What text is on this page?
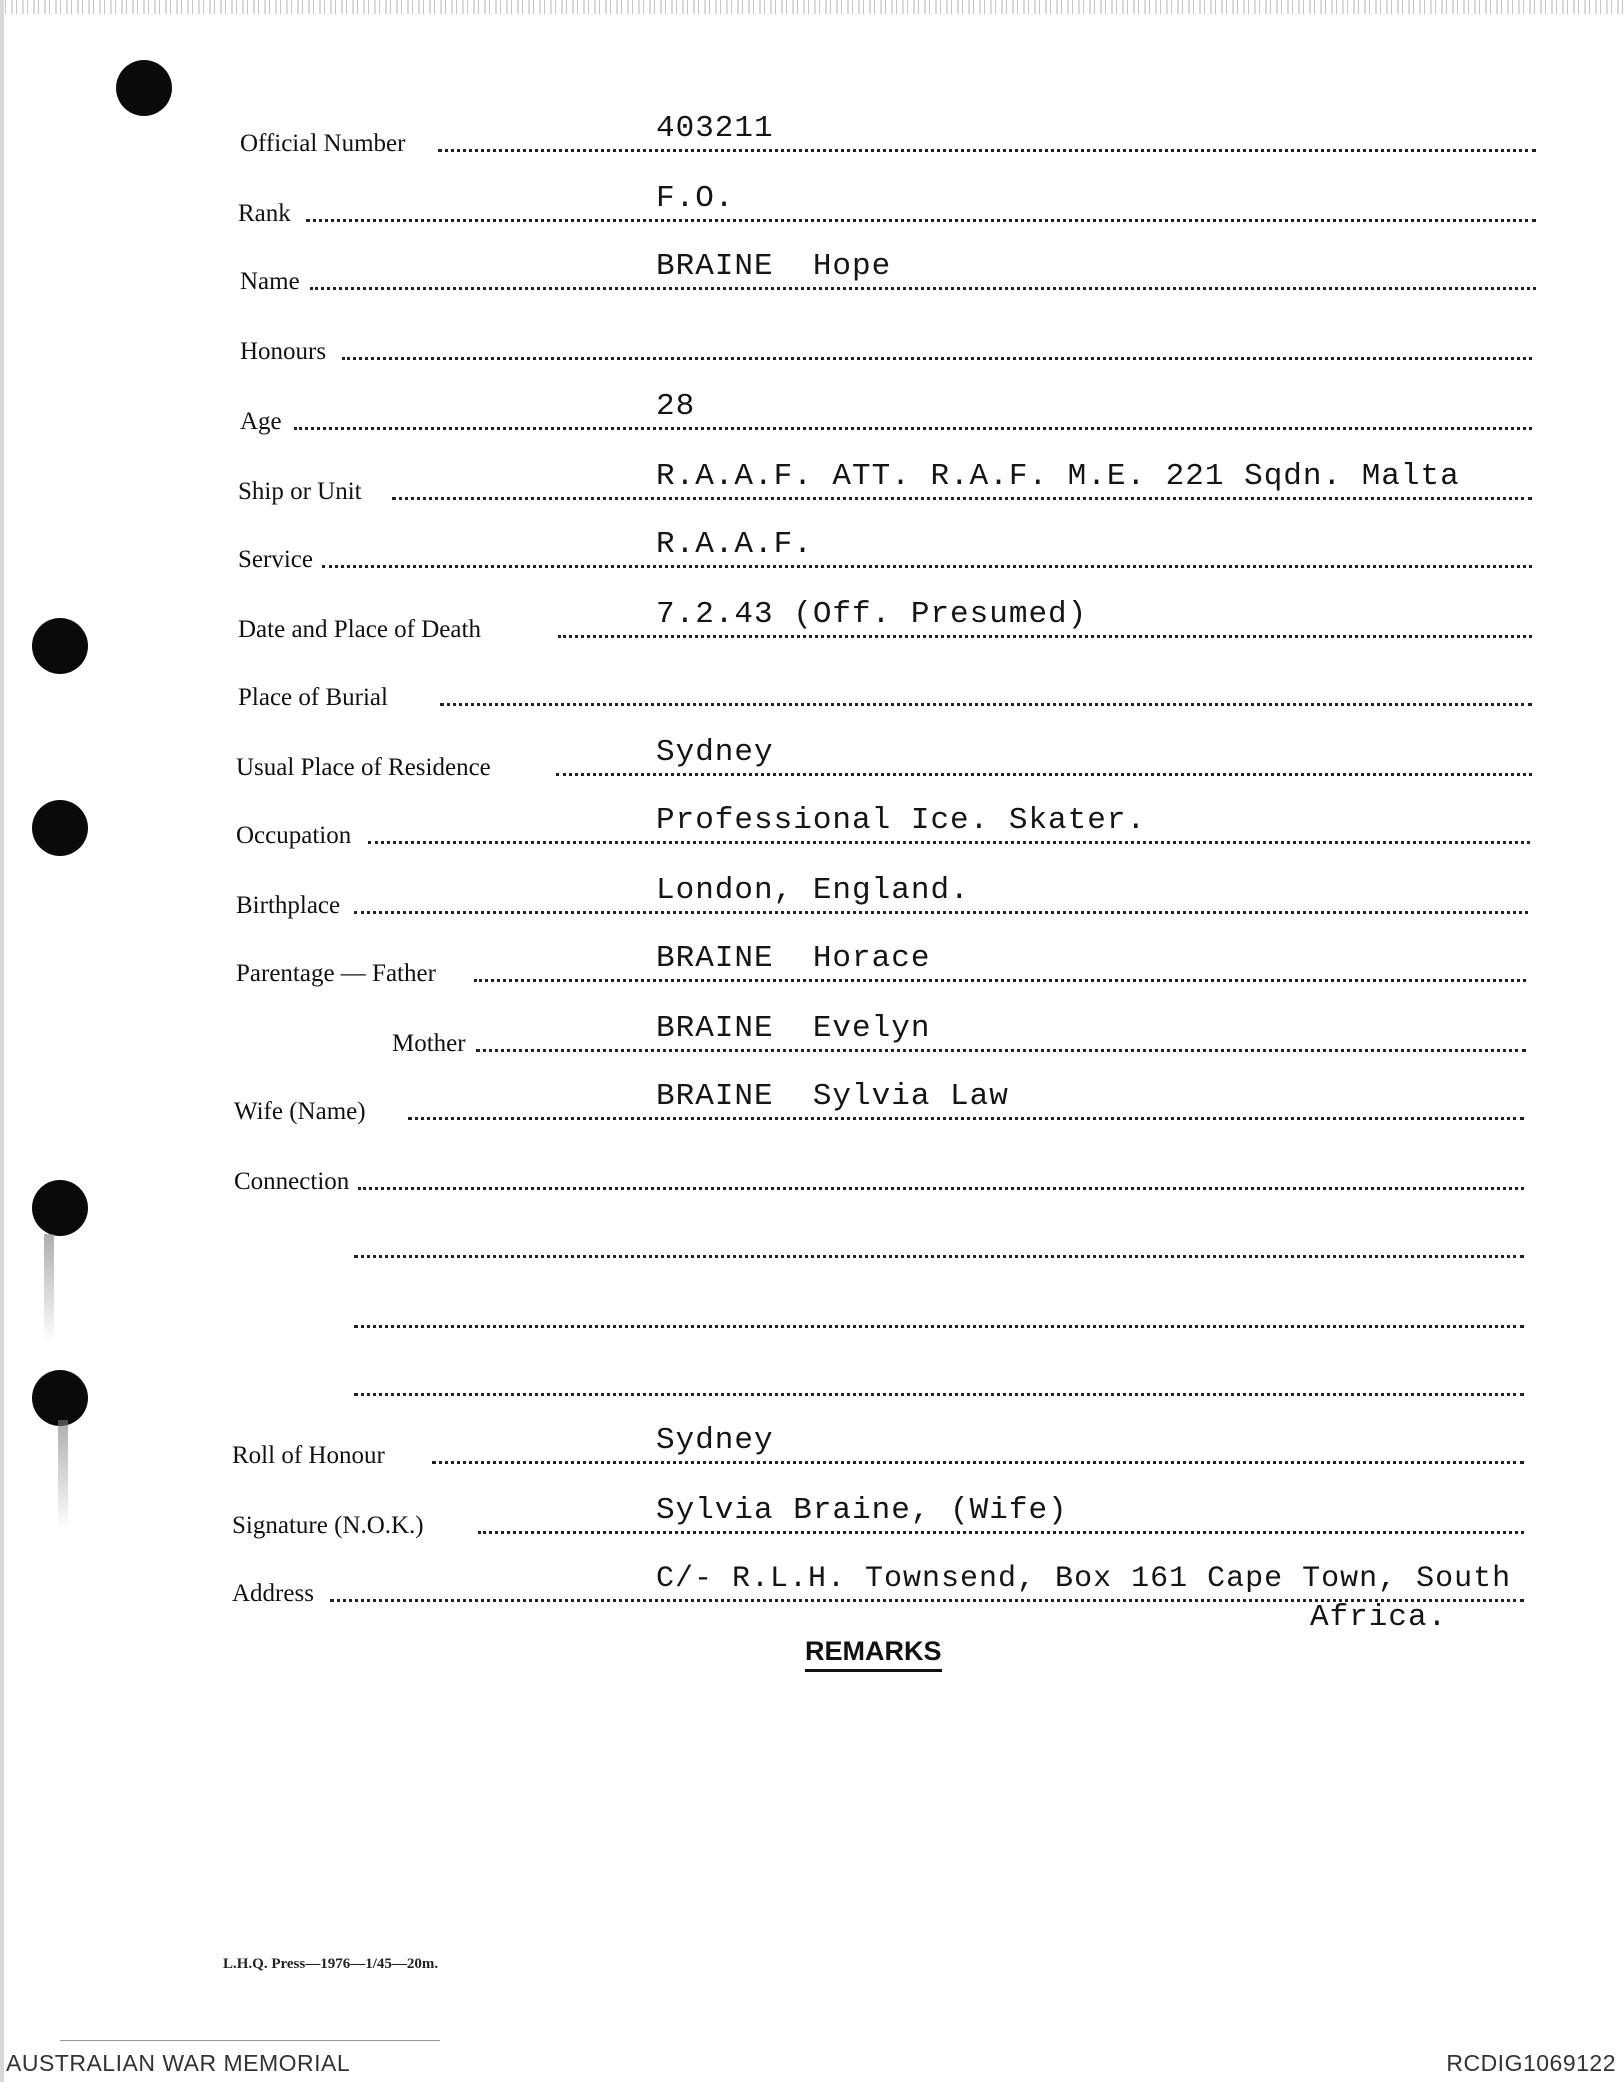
Official Number	403211
Rank	F.O.
Name	BRAINE  Hope
Honours
Age	28
Ship or Unit	R.A.A.F. ATT. R.A.F. M.E. 221 Sqdn. Malta
Service	R.A.A.F.
Date and Place of Death	7.2.43 (Off. Presumed)
Place of Burial
Usual Place of Residence	Sydney
Occupation	Professional Ice. Skater.
Birthplace	London, England.
Parentage — Father	BRAINE  Horace
Mother	BRAINE  Evelyn
Wife (Name)	BRAINE  Sylvia Law
Connection
Roll of Honour	Sydney
Signature (N.O.K.)	Sylvia Braine, (Wife)
Address	C/- R.L.H. Townsend, Box 161 Cape Town, South
Africa.
REMARKS
L.H.Q. Press—1976—1/45—20m.
AUSTRALIAN WAR MEMORIAL	RCDIG1069122
